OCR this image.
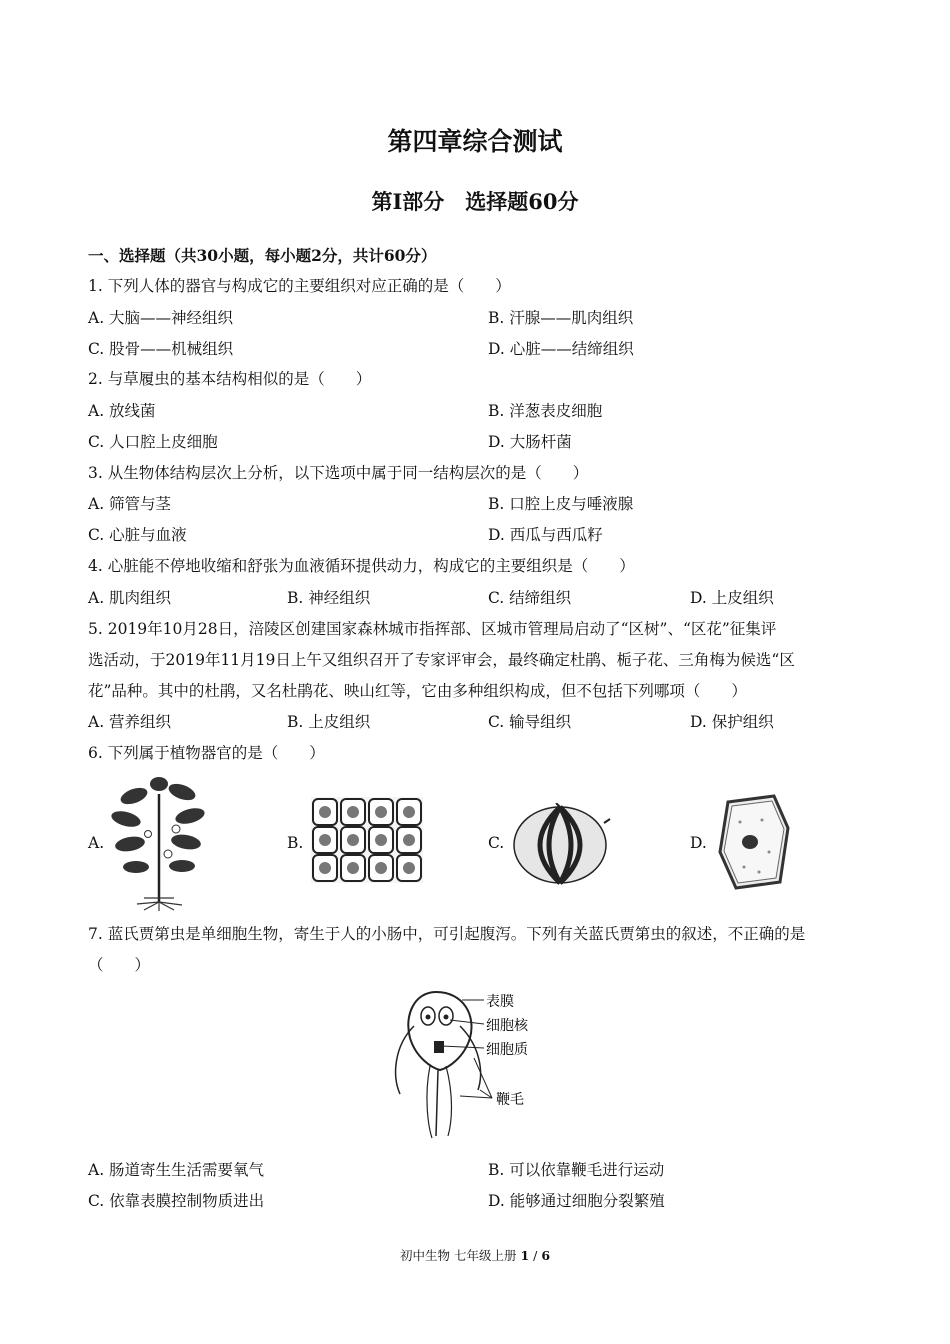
第四章综合测试
第Ⅰ部分　选择题60分
一、选择题（共30小题，每小题2分，共计60分）
1. 下列人体的器官与构成它的主要组织对应正确的是（　　）
A. 大脑——神经组织	B. 汗腺——肌肉组织
C. 股骨——机械组织	D. 心脏——结缔组织
2. 与草履虫的基本结构相似的是（　　）
A. 放线菌	B. 洋葱表皮细胞
C. 人口腔上皮细胞	D. 大肠杆菌
3. 从生物体结构层次上分析，以下选项中属于同一结构层次的是（　　）
A. 筛管与茎	B. 口腔上皮与唾液腺
C. 心脏与血液	D. 西瓜与西瓜籽
4. 心脏能不停地收缩和舒张为血液循环提供动力，构成它的主要组织是（　　）
A. 肌肉组织	B. 神经组织	C. 结缔组织	D. 上皮组织
5. 2019年10月28日，涪陵区创建国家森林城市指挥部、区城市管理局启动了“区树”、“区花”征集评
选活动，于2019年11月19日上午又组织召开了专家评审会，最终确定杜鹃、栀子花、三角梅为候选“区
花”品种。其中的杜鹃，又名杜鹃花、映山红等，它由多种组织构成，但不包括下列哪项（　　）
A. 营养组织	B. 上皮组织	C. 输导组织	D. 保护组织
6. 下列属于植物器官的是（　　）
A.	B.	C.	D.
7. 蓝氏贾第虫是单细胞生物，寄生于人的小肠中，可引起腹泻。下列有关蓝氏贾第虫的叙述，不正确的是
（　　）
表膜
细胞核
细胞质
鞭毛
A. 肠道寄生生活需要氧气	B. 可以依靠鞭毛进行运动
C. 依靠表膜控制物质进出	D. 能够通过细胞分裂繁殖
初中生物 七年级上册 1 / 6
